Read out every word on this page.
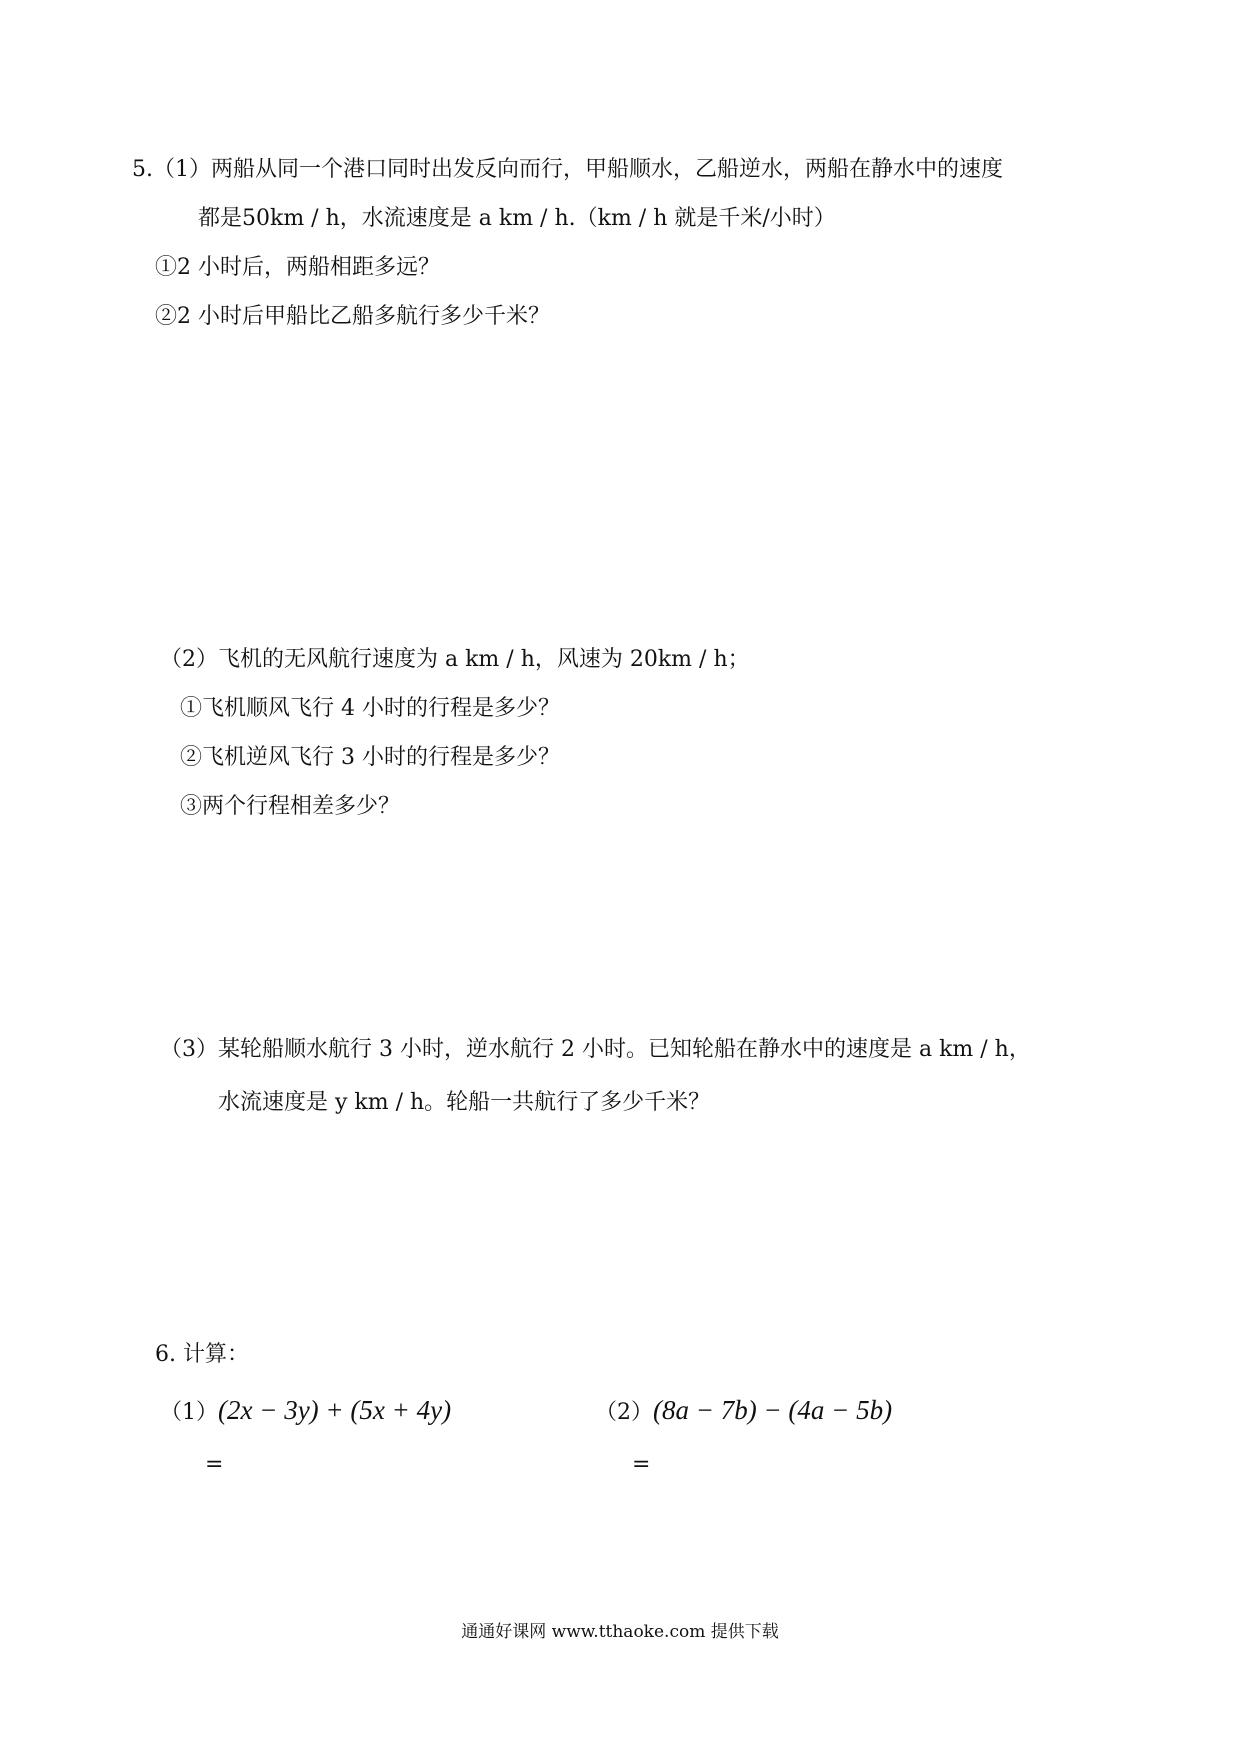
5.（1）两船从同一个港口同时出发反向而行，甲船顺水，乙船逆水，两船在静水中的速度
都是50km / h，水流速度是 a km / h.（km / h 就是千米/小时）
①2 小时后，两船相距多远？
②2 小时后甲船比乙船多航行多少千米？
（2）飞机的无风航行速度为 a km / h，风速为 20km / h；
①飞机顺风飞行 4 小时的行程是多少？
②飞机逆风飞行 3 小时的行程是多少？
③两个行程相差多少？
（3）某轮船顺水航行 3 小时，逆水航行 2 小时。已知轮船在静水中的速度是 a km / h，
水流速度是 y km / h。轮船一共航行了多少千米？
6. 计算：
（1）(2x − 3y) + (5x + 4y)
=
（2）(8a − 7b) − (4a − 5b)
=
通通好课网 www.tthaoke.com 提供下载
